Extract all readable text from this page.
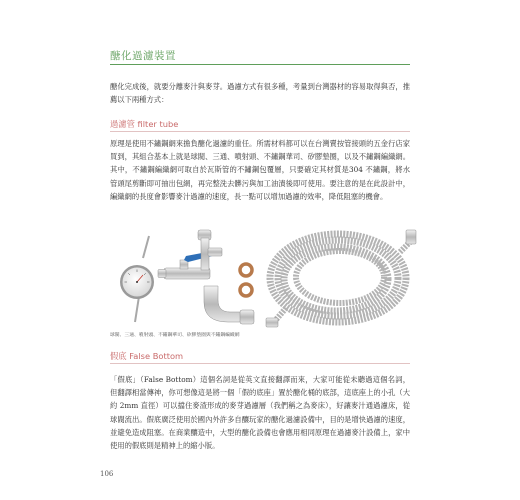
醣化過濾裝置

醣化完成後，就要分離麥汁與麥芽。過濾方式有很多種，考量到台灣器材的容易取得與否，推薦以下兩種方式：

過濾管 filter tube

原理是使用不鏽鋼網來擔負醣化過濾的重任。所需材料都可以在台灣賣按管接頭的五金行店家買到，其組合基本上就是球閥、三通、噴射頭、不鏽鋼華司、矽膠墊圈，以及不鏽鋼編織網。其中，不鏽鋼編織網可取自於瓦斯管的不鏽鋼包覆層，只要確定其材質是304 不鏽鋼，將水管頭尾剪斷即可抽出包網，再完整洗去髒污與加工油漬後即可使用。要注意的是在此設計中，編織網的長度會影響麥汁過濾的速度，長一點可以增加過濾的效率，降低阻塞的機會。

球閥、三通、噴射頭、不鏽鋼華司、矽膠墊圈與不鏽鋼編織網
假底 False Bottom

「假底」（False Bottom）這個名詞是從英文直接翻譯而來，大家可能從未聽過這個名詞，但翻譯相當傳神，你可想像這是將一個「假的底座」置於醣化桶的底部，這底座上的小孔（大約 2mm 直徑）可以擋住麥渣形成的麥芽過濾層（我們稱之為麥床），好讓麥汁通過濾床，從球閥流出。假底廣泛使用於國內外許多自釀玩家的醣化過濾設備中，目的是增快過濾的速度，並避免造成阻塞。在商業釀造中，大型的醣化設備也會應用相同原理在過濾麥汁設備上，家中使用的假底則是精神上的縮小版。

106
